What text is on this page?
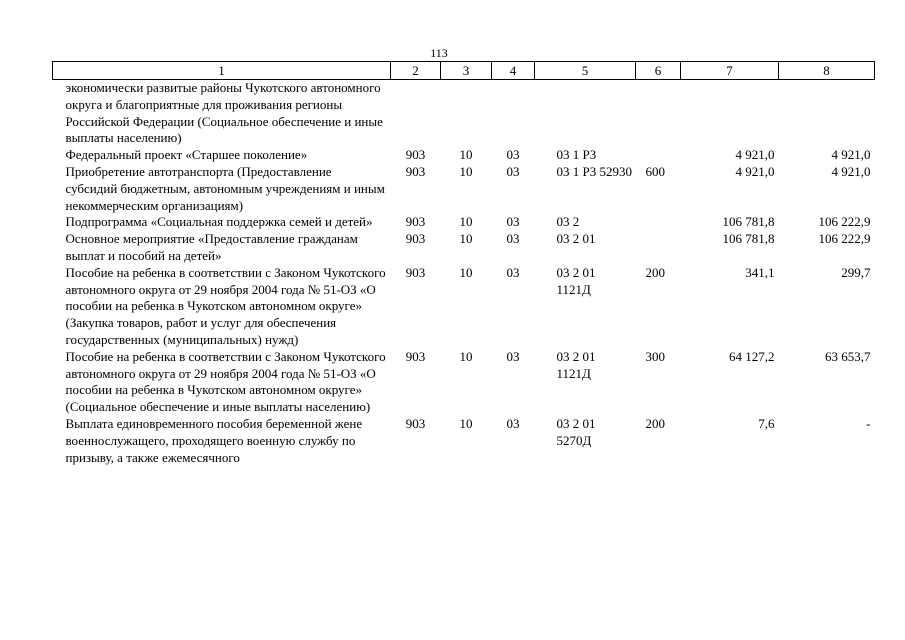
113
1	2	3	4	5	6	7	8
экономически развитые районы Чукотского автономного округа и благоприятные для проживания регионы Российской Федерации (Социальное обеспечение и иные выплаты населению)							
Федеральный проект «Старшее поколение»	903	10	03	03 1 P3		4 921,0	4 921,0
Приобретение автотранспорта (Предоставление субсидий бюджетным, автономным учреждениям и иным некоммерческим организациям)	903	10	03	03 1 P3 52930	600	4 921,0	4 921,0
Подпрограмма «Социальная поддержка семей и детей»	903	10	03	03 2		106 781,8	106 222,9
Основное мероприятие «Предоставление гражданам выплат и пособий на детей»	903	10	03	03 2 01		106 781,8	106 222,9
Пособие на ребенка в соответствии с Законом Чукотского автономного округа от 29 ноября 2004 года № 51-ОЗ «О пособии на ребенка в Чукотском автономном округе» (Закупка товаров, работ и услуг для обеспечения государственных (муниципальных) нужд)	903	10	03	03 2 01 1121Д	200	341,1	299,7
Пособие на ребенка в соответствии с Законом Чукотского автономного округа от 29 ноября 2004 года № 51-ОЗ «О пособии на ребенка в Чукотском автономном округе» (Социальное обеспечение и иные выплаты населению)	903	10	03	03 2 01 1121Д	300	64 127,2	63 653,7
Выплата единовременного пособия беременной жене военнослужащего, проходящего военную службу по призыву, а также ежемесячного	903	10	03	03 2 01 5270Д	200	7,6	-
